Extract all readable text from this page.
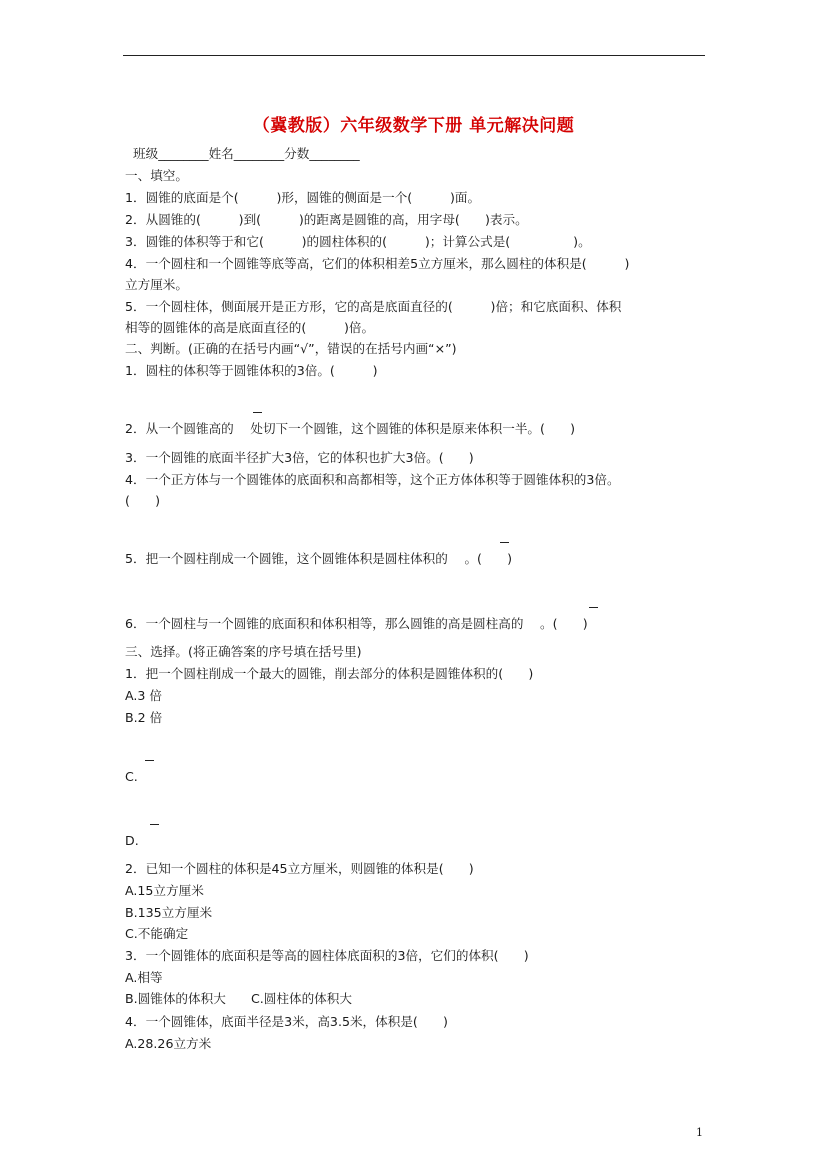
（冀教版）六年级数学下册 单元解决问题
班级________姓名________分数________
一、填空。
1．圆锥的底面是个(　　　)形，圆锥的侧面是一个(　　　)面。
2．从圆锥的(　　　)到(　　　)的距离是圆锥的高，用字母(　　)表示。
3．圆锥的体积等于和它(　　　)的圆柱体积的(　　　)；计算公式是(　　　　　)。
4．一个圆柱和一个圆锥等底等高，它们的体积相差5立方厘米，那么圆柱的体积是(　　　)
立方厘米。
5．一个圆柱体，侧面展开是正方形，它的高是底面直径的(　　　)倍；和它底面积、体积
相等的圆锥体的高是底面直径的(　　　)倍。
二、判断。(正确的在括号内画“√”，错误的在括号内画“×”)
1．圆柱的体积等于圆锥体积的3倍。(　　　)
2．从一个圆锥高的　 处切下一个圆锥，这个圆锥的体积是原来体积一半。(　　)
3．一个圆锥的底面半径扩大3倍，它的体积也扩大3倍。(　　)
4．一个正方体与一个圆锥体的底面积和高都相等，这个正方体体积等于圆锥体积的3倍。
(　　)
5．把一个圆柱削成一个圆锥，这个圆锥体积是圆柱体积的　 。(　　)
6．一个圆柱与一个圆锥的底面积和体积相等，那么圆锥的高是圆柱高的　 。(　　)
三、选择。(将正确答案的序号填在括号里)
1．把一个圆柱削成一个最大的圆锥，削去部分的体积是圆锥体积的(　　)
A.3 倍
B.2 倍
C.
D.
2．已知一个圆柱的体积是45立方厘米，则圆锥的体积是(　　)
A.15立方厘米
B.135立方厘米
C.不能确定
3．一个圆锥体的底面积是等高的圆柱体底面积的3倍，它们的体积(　　)
A.相等
B.圆锥体的体积大　　C.圆柱体的体积大
4．一个圆锥体，底面半径是3米，高3.5米，体积是(　　)
A.28.26立方米
1
